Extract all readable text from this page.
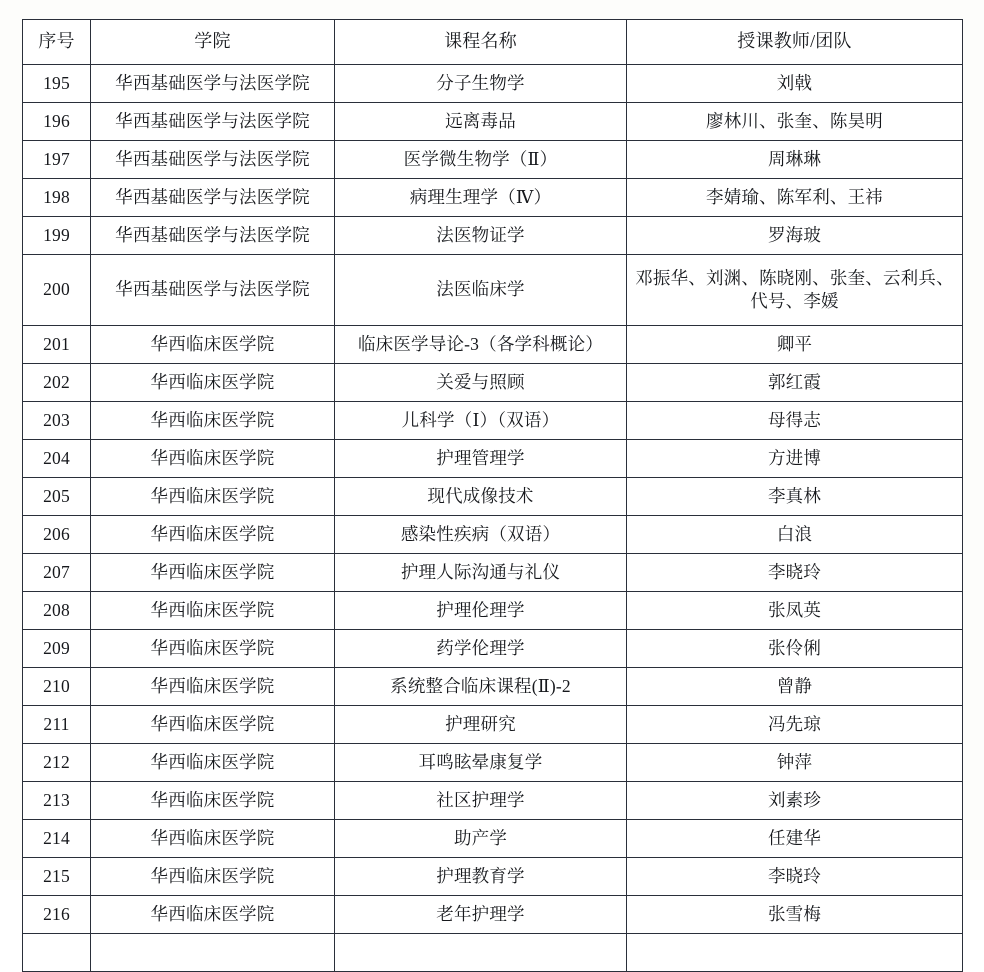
序号	学院	课程名称	授课教师/团队
195	华西基础医学与法医学院	分子生物学	刘戟
196	华西基础医学与法医学院	远离毒品	廖林川、张奎、陈昊明
197	华西基础医学与法医学院	医学微生物学（Ⅱ）	周琳琳
198	华西基础医学与法医学院	病理生理学（Ⅳ）	李婧瑜、陈军利、王祎
199	华西基础医学与法医学院	法医物证学	罗海玻
200	华西基础医学与法医学院	法医临床学	邓振华、刘渊、陈晓刚、张奎、云利兵、代号、李媛
201	华西临床医学院	临床医学导论-3（各学科概论）	卿平
202	华西临床医学院	关爱与照顾	郭红霞
203	华西临床医学院	儿科学（Ⅰ）（双语）	母得志
204	华西临床医学院	护理管理学	方进博
205	华西临床医学院	现代成像技术	李真林
206	华西临床医学院	感染性疾病（双语）	白浪
207	华西临床医学院	护理人际沟通与礼仪	李晓玲
208	华西临床医学院	护理伦理学	张凤英
209	华西临床医学院	药学伦理学	张伶俐
210	华西临床医学院	系统整合临床课程(Ⅱ)-2	曾静
211	华西临床医学院	护理研究	冯先琼
212	华西临床医学院	耳鸣眩晕康复学	钟萍
213	华西临床医学院	社区护理学	刘素珍
214	华西临床医学院	助产学	任建华
215	华西临床医学院	护理教育学	李晓玲
216	华西临床医学院	老年护理学	张雪梅
